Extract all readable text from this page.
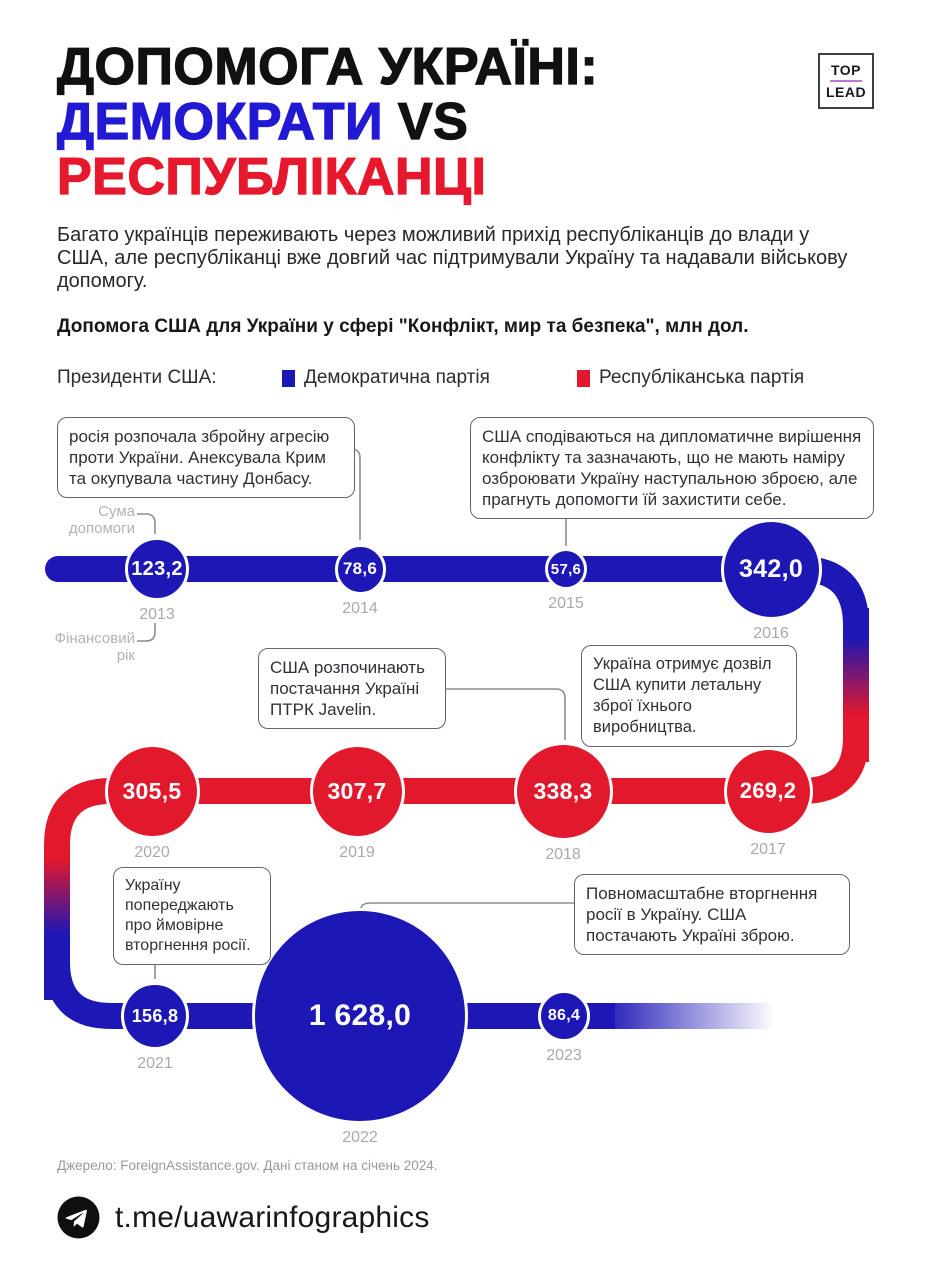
ДОПОМОГА УКРАЇНІ:
ДЕМОКРАТИ VS
РЕСПУБЛІКАНЦІ
TOP
LEAD

Багато українців переживають через можливий прихід республіканців до влади у США, але республіканці вже довгий час підтримували Україну та надавали військову допомогу.

Допомога США для України у сфері "Конфлікт, мир та безпека", млн дол.
Президенти США:	Демократична партія	Республіканська партія
Сума допомоги
Фінансовий рік
росія розпочала збройну агресію проти України. Анексувала Крим та окупувала частину Донбасу.
США сподіваються на дипломатичне вирішення конфлікту та зазначають, що не мають наміру озброювати Україну наступальною зброєю, але прагнуть допомогти їй захистити себе.
США розпочинають постачання Україні ПТРК Javelin.
Україна отримує дозвіл США купити летальну зброї їхнього виробництва.
Україну попереджають про ймовірне вторгнення росії.
Повномасштабне вторгнення росії в Україну. США постачають Україні зброю.
123,2
2013
78,6
2014
57,6
2015
342,0
2016
269,2
2017
338,3
2018
307,7
2019
305,5
2020
156,8
2021
1 628,0
2022
86,4
2023
Джерело: ForeignAssistance.gov. Дані станом на січень 2024.
t.me/uawarinfographics
